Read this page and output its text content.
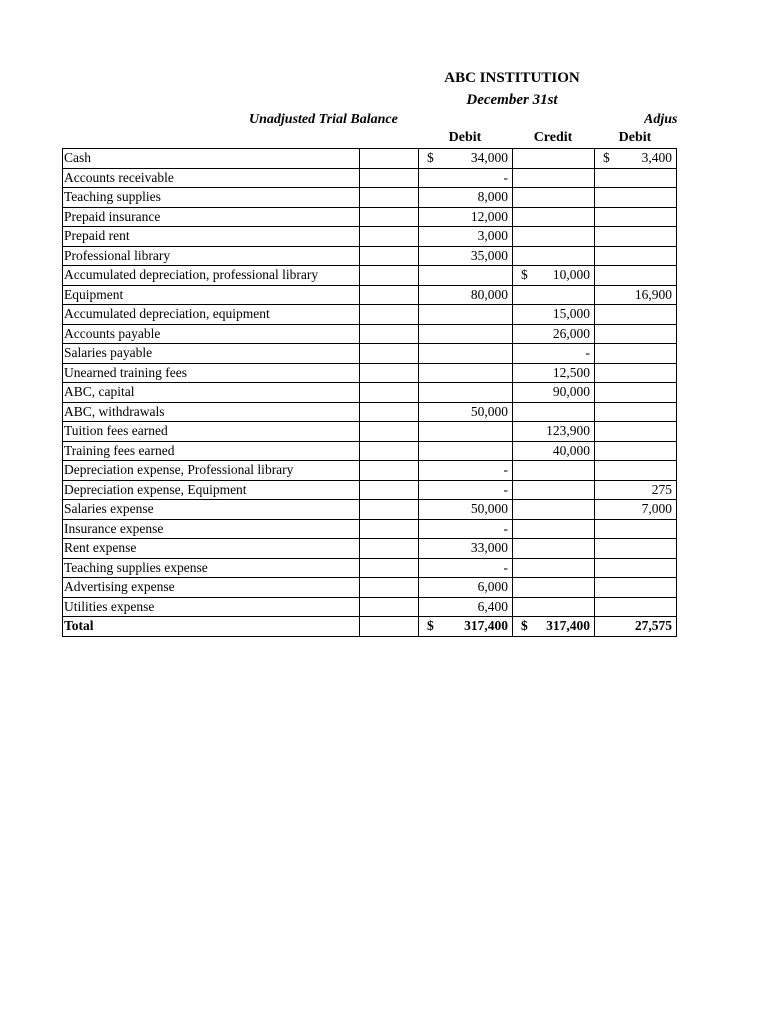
ABC INSTITUTION
December 31st
Unadjusted Trial Balance	Adjus
Debit	Credit	Debit
Cash		$ 34,000		$ 3,400
Accounts receivable		-	

Teaching supplies		8,000	

Prepaid insurance		12,000	

Prepaid rent		3,000	

Professional library		35,000	

Accumulated depreciation, professional library			$ 10,000	

Equipment		80,000		16,900
Accumulated depreciation, equipment			15,000	

Accounts payable			26,000	

Salaries payable			-	

Unearned training fees			12,500	

ABC, capital			90,000	

ABC, withdrawals		50,000	

Tuition fees earned			123,900	

Training fees earned			40,000	

Depreciation expense, Professional library		-	

Depreciation expense, Equipment		-		275
Salaries expense		50,000		7,000
Insurance expense		-	

Rent expense		33,000	

Teaching supplies expense		-	

Advertising expense		6,000	

Utilities expense		6,400	

Total		$ 317,400	$ 317,400	27,575
